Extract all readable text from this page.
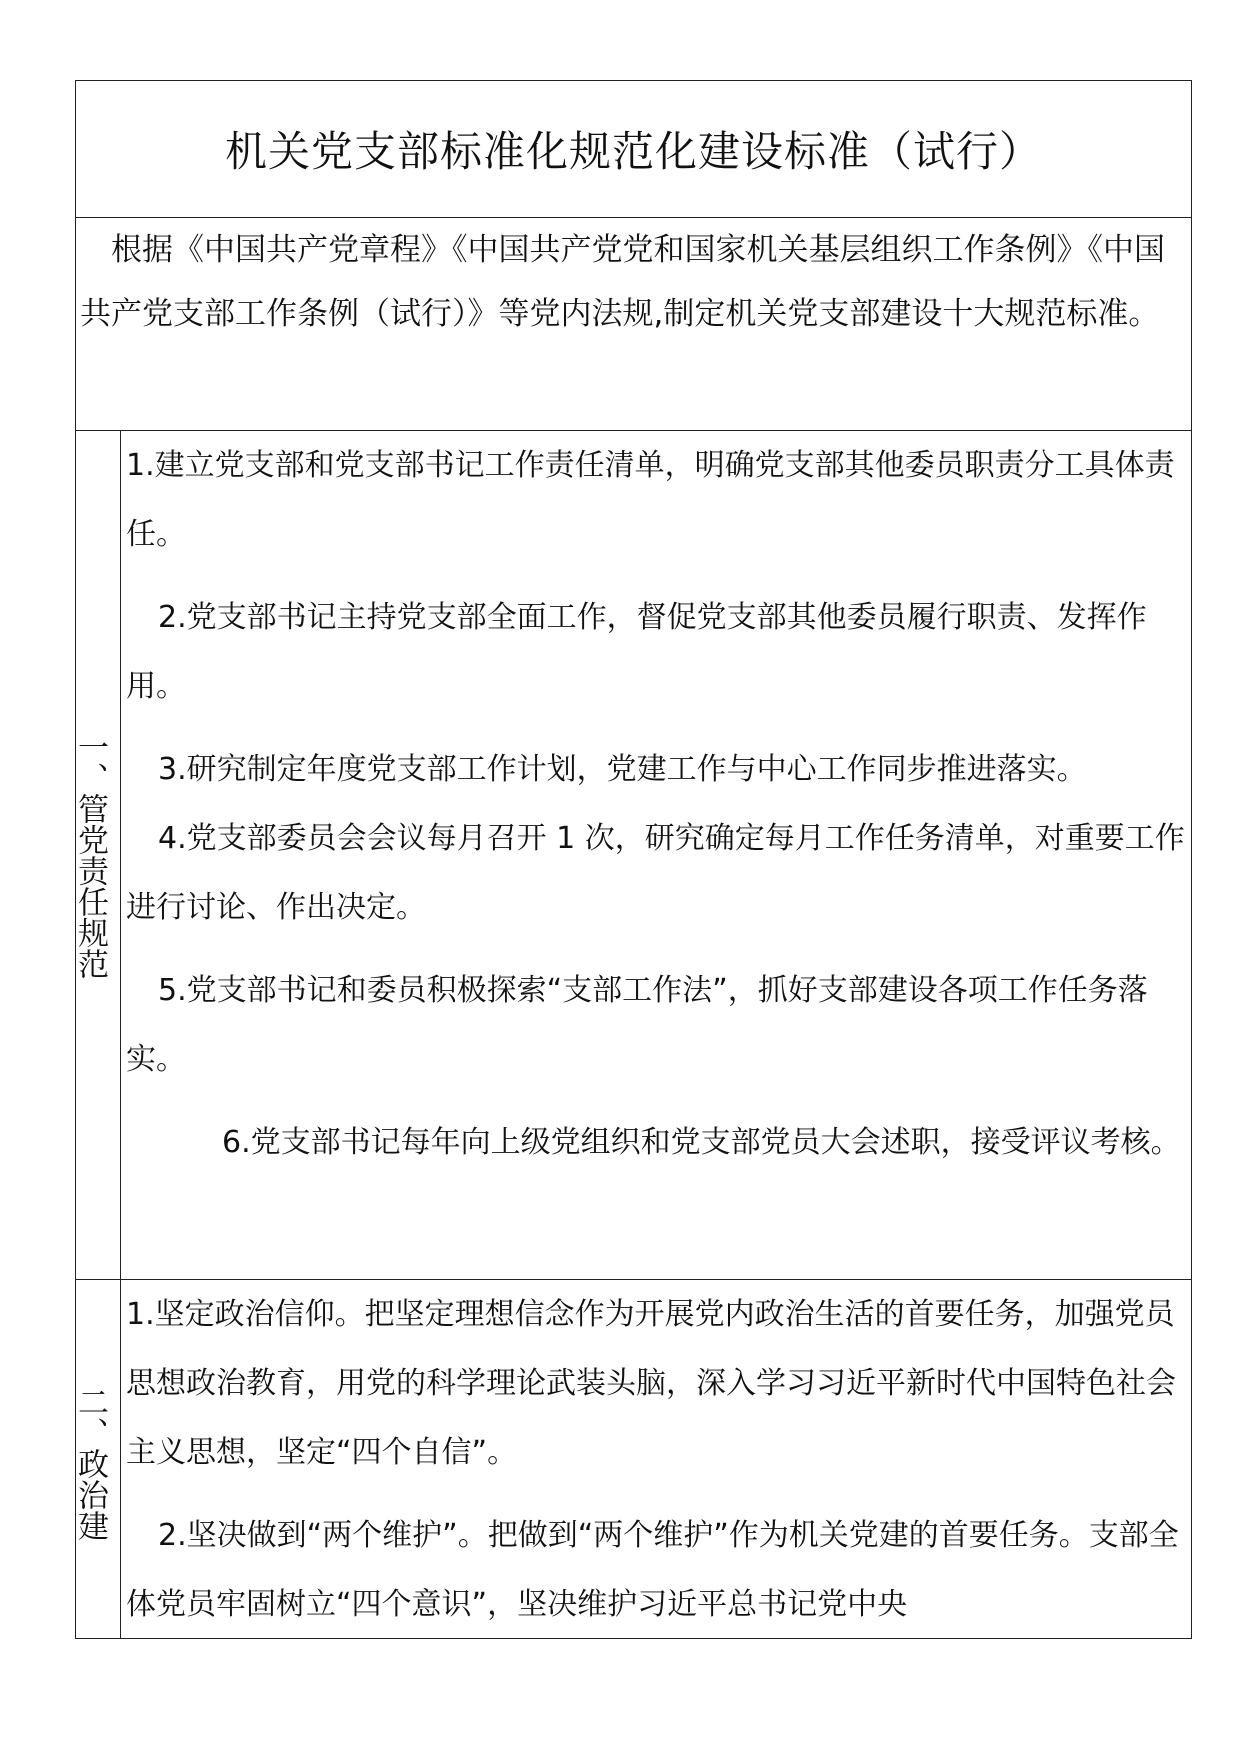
机关党支部标准化规范化建设标准（试行）

根据《中国共产党章程》《中国共产党党和国家机关基层组织工作条例》《中国共产党支部工作条例（试行）》等党内法规,制定机关党支部建设十大规范标准。

一、管党责任规范

1.建立党支部和党支部书记工作责任清单，明确党支部其他委员职责分工具体责任。

2.党支部书记主持党支部全面工作，督促党支部其他委员履行职责、发挥作用。

3.研究制定年度党支部工作计划，党建工作与中心工作同步推进落实。

4.党支部委员会会议每月召开 1 次，研究确定每月工作任务清单，对重要工作进行讨论、作出决定。

5.党支部书记和委员积极探索“支部工作法”，抓好支部建设各项工作任务落实。

6.党支部书记每年向上级党组织和党支部党员大会述职，接受评议考核。

二、政治建

1.坚定政治信仰。把坚定理想信念作为开展党内政治生活的首要任务，加强党员思想政治教育，用党的科学理论武装头脑，深入学习习近平新时代中国特色社会主义思想，坚定“四个自信”。

2.坚决做到“两个维护”。把做到“两个维护”作为机关党建的首要任务。支部全体党员牢固树立“四个意识”，坚决维护习近平总书记党中央
